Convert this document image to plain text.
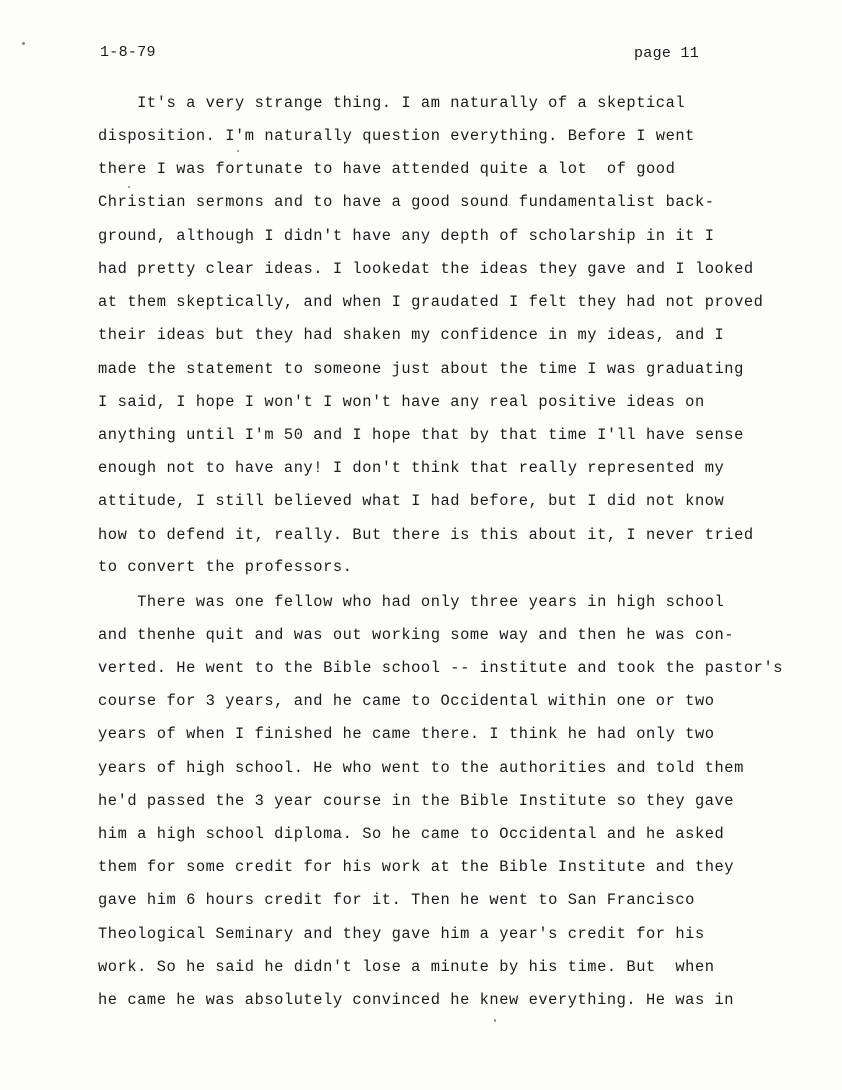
1-8-79	page 11
It's a very strange thing. I am naturally of a skeptical
disposition. I'm naturally question everything. Before I went
there I was fortunate to have attended quite a lot  of good
Christian sermons and to have a good sound fundamentalist back-
ground, although I didn't have any depth of scholarship in it I
had pretty clear ideas. I lookedat the ideas they gave and I looked
at them skeptically, and when I graudated I felt they had not proved
their ideas but they had shaken my confidence in my ideas, and I
made the statement to someone just about the time I was graduating
I said, I hope I won't I won't have any real positive ideas on
anything until I'm 50 and I hope that by that time I'll have sense
enough not to have any! I don't think that really represented my
attitude, I still believed what I had before, but I did not know
how to defend it, really. But there is this about it, I never tried
to convert the professors.
There was one fellow who had only three years in high school
and thenhe quit and was out working some way and then he was con-
verted. He went to the Bible school -- institute and took the pastor's
course for 3 years, and he came to Occidental within one or two
years of when I finished he came there. I think he had only two
years of high school. He who went to the authorities and told them
he'd passed the 3 year course in the Bible Institute so they gave
him a high school diploma. So he came to Occidental and he asked
them for some credit for his work at the Bible Institute and they
gave him 6 hours credit for it. Then he went to San Francisco
Theological Seminary and they gave him a year's credit for his
work. So he said he didn't lose a minute by his time. But  when
he came he was absolutely convinced he knew everything. He was in
